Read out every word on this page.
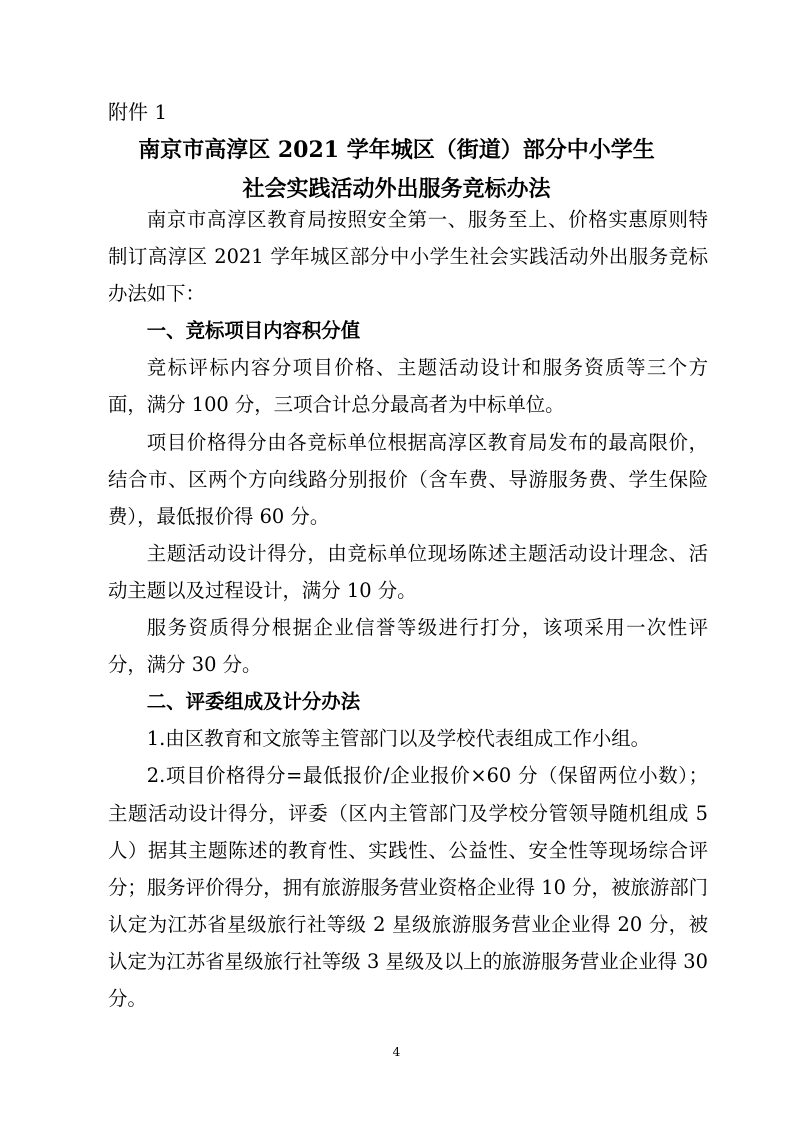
附件 1

南京市高淳区 2021 学年城区（街道）部分中小学生
社会实践活动外出服务竞标办法

南京市高淳区教育局按照安全第一、服务至上、价格实惠原则特制订高淳区 2021 学年城区部分中小学生社会实践活动外出服务竞标办法如下：

一、竞标项目内容积分值

竞标评标内容分项目价格、主题活动设计和服务资质等三个方面，满分 100 分，三项合计总分最高者为中标单位。

项目价格得分由各竞标单位根据高淳区教育局发布的最高限价，结合市、区两个方向线路分别报价（含车费、导游服务费、学生保险费），最低报价得 60 分。

主题活动设计得分，由竞标单位现场陈述主题活动设计理念、活动主题以及过程设计，满分 10 分。

服务资质得分根据企业信誉等级进行打分，该项采用一次性评分，满分 30 分。

二、评委组成及计分办法

1.由区教育和文旅等主管部门以及学校代表组成工作小组。

2.项目价格得分=最低报价/企业报价×60 分（保留两位小数）；主题活动设计得分，评委（区内主管部门及学校分管领导随机组成 5 人）据其主题陈述的教育性、实践性、公益性、安全性等现场综合评分；服务评价得分，拥有旅游服务营业资格企业得 10 分，被旅游部门认定为江苏省星级旅行社等级 2 星级旅游服务营业企业得 20 分，被认定为江苏省星级旅行社等级 3 星级及以上的旅游服务营业企业得 30 分。

4
